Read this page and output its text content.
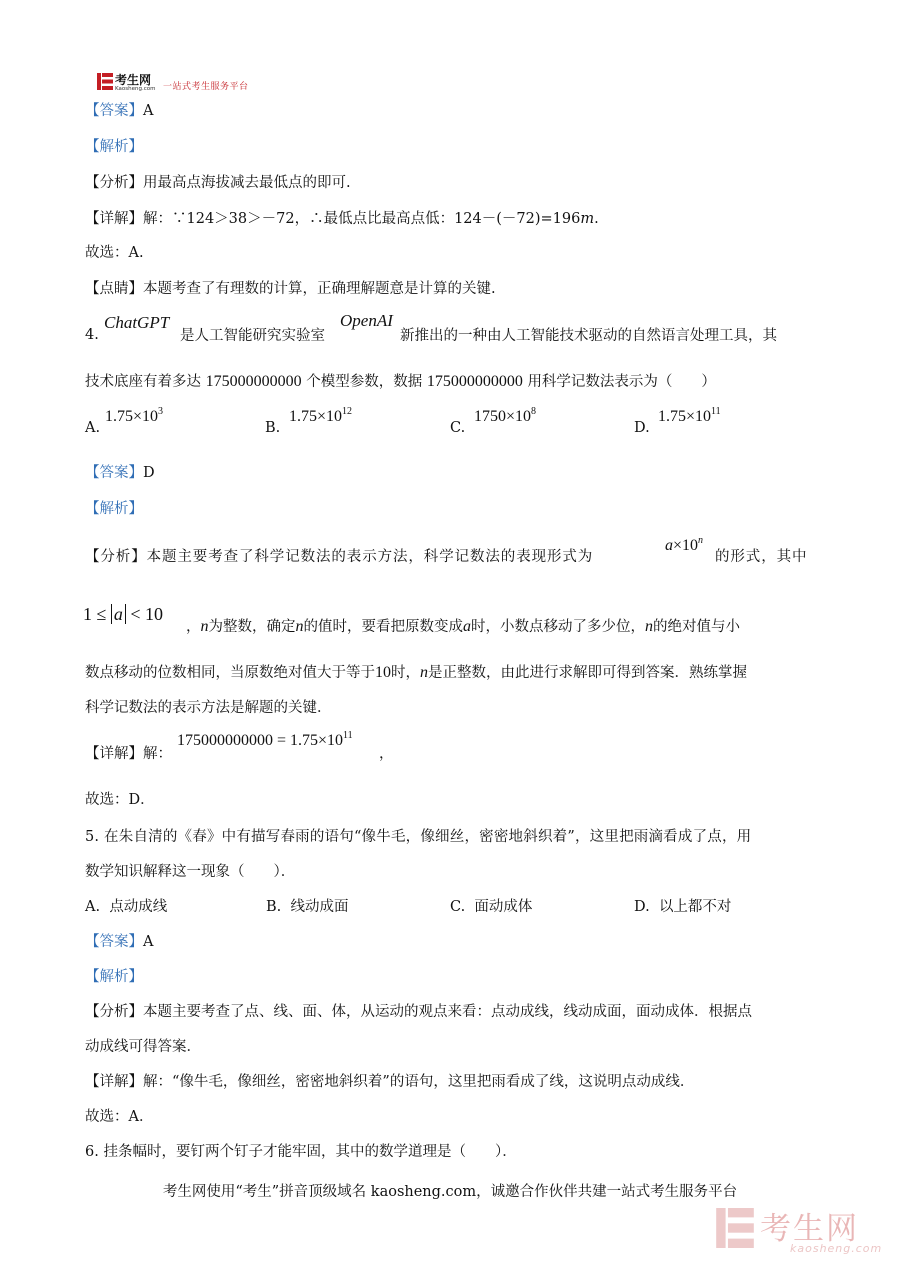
考生网
Kaosheng.com 一站式考生服务平台
【答案】A
【解析】
【分析】用最高点海拔减去最低点的即可.
【详解】解：∵124＞38＞－72，∴最低点比最高点低：124－(－72)=196m.
故选：A.
【点睛】本题考查了有理数的计算，正确理解题意是计算的关键.
4.
ChatGPT
是人工智能研究实验室
OpenAI
新推出的一种由人工智能技术驱动的自然语言处理工具，其
技术底座有着多达 175000000000 个模型参数，数据 175000000000 用科学记数法表示为（　　）
A.
$1.75\times 10^3$
B.
$1.75\times 10^{12}$
C.
$1750\times 10^8$
D.
$1.75\times 10^{11}$
【答案】D
【解析】
【分析】本题主要考查了科学记数法的表示方法，科学记数法的表现形式为
$a\times 10^n$
的形式，其中
1 ≤ a < 10
，n为整数，确定n的值时，要看把原数变成a时，小数点移动了多少位，n的绝对值与小
数点移动的位数相同，当原数绝对值大于等于10时，n是正整数，由此进行求解即可得到答案．熟练掌握
科学记数法的表示方法是解题的关键．
【详解】解：
$175000000000 = 1.75\times 10^{11}$
，
故选：D．
5. 在朱自清的《春》中有描写春雨的语句“像牛毛，像细丝，密密地斜织着”，这里把雨滴看成了点，用
数学知识解释这一现象（　　）．
A. 点动成线	B. 线动成面	C. 面动成体	D. 以上都不对
【答案】A
【解析】
【分析】本题主要考查了点、线、面、体，从运动的观点来看：点动成线，线动成面，面动成体．根据点
动成线可得答案．
【详解】解：“像牛毛，像细丝，密密地斜织着”的语句，这里把雨看成了线，这说明点动成线．
故选：A．
6. 挂条幅时，要钉两个钉子才能牢固，其中的数学道理是（　　）．
考生网使用“考生”拼音顶级域名 kaosheng.com，诚邀合作伙伴共建一站式考生服务平台
考生网
kaosheng.com
